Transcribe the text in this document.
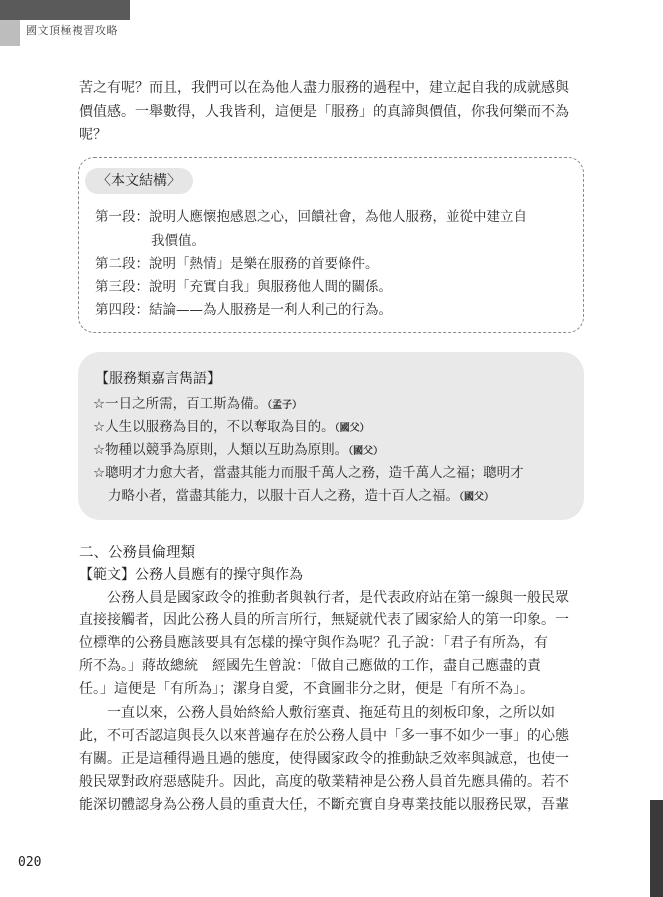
國文頂極複習攻略
苦之有呢？而且，我們可以在為他人盡力服務的過程中，建立起自我的成就感與
價值感。一舉數得，人我皆利，這便是「服務」的真諦與價值，你我何樂而不為
呢？
〈本文結構〉
第一段：說明人應懷抱感恩之心，回饋社會，為他人服務，並從中建立自
我價值。
第二段：說明「熱情」是樂在服務的首要條件。
第三段：說明「充實自我」與服務他人間的關係。
第四段：結論——為人服務是一利人利己的行為。
【服務類嘉言雋語】
☆一日之所需，百工斯為備。（孟子）
☆人生以服務為目的，不以奪取為目的。（國父）
☆物種以競爭為原則，人類以互助為原則。（國父）
☆聰明才力愈大者，當盡其能力而服千萬人之務，造千萬人之福；聰明才
力略小者，當盡其能力，以服十百人之務，造十百人之福。（國父）
二、公務員倫理類
【範文】公務人員應有的操守與作為
　　公務人員是國家政令的推動者與執行者，是代表政府站在第一線與一般民眾
直接接觸者，因此公務人員的所言所行，無疑就代表了國家給人的第一印象。一
位標準的公務員應該要具有怎樣的操守與作為呢？孔子說：「君子有所為，有
所不為。」蔣故總統　經國先生曾說：「做自己應做的工作，盡自己應盡的責
任。」這便是「有所為」；潔身自愛，不貪圖非分之財，便是「有所不為」。
　　一直以來，公務人員始終給人敷衍塞責、拖延苟且的刻板印象，之所以如
此，不可否認這與長久以來普遍存在於公務人員中「多一事不如少一事」的心態
有關。正是這種得過且過的態度，使得國家政令的推動缺乏效率與誠意，也使一
般民眾對政府惡感陡升。因此，高度的敬業精神是公務人員首先應具備的。若不
能深切體認身為公務人員的重責大任，不斷充實自身專業技能以服務民眾，吾輩
020
